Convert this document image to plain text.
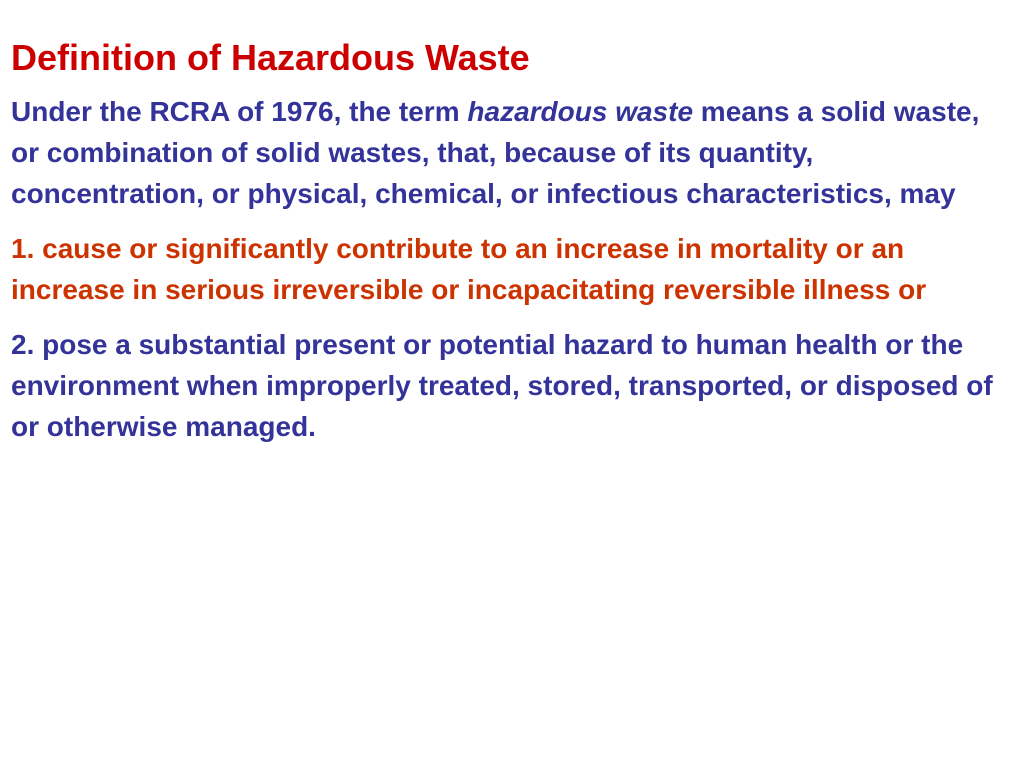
Definition of Hazardous Waste
Under the RCRA of 1976, the term hazardous waste means a solid waste, or combination of solid wastes, that, because of its quantity, concentration, or physical, chemical, or infectious characteristics, may
1. cause or significantly contribute to an increase in mortality or an increase in serious irreversible or incapacitating reversible illness or
2. pose a substantial present or potential hazard to human health or the environment when improperly treated, stored, transported, or disposed of or otherwise managed.
